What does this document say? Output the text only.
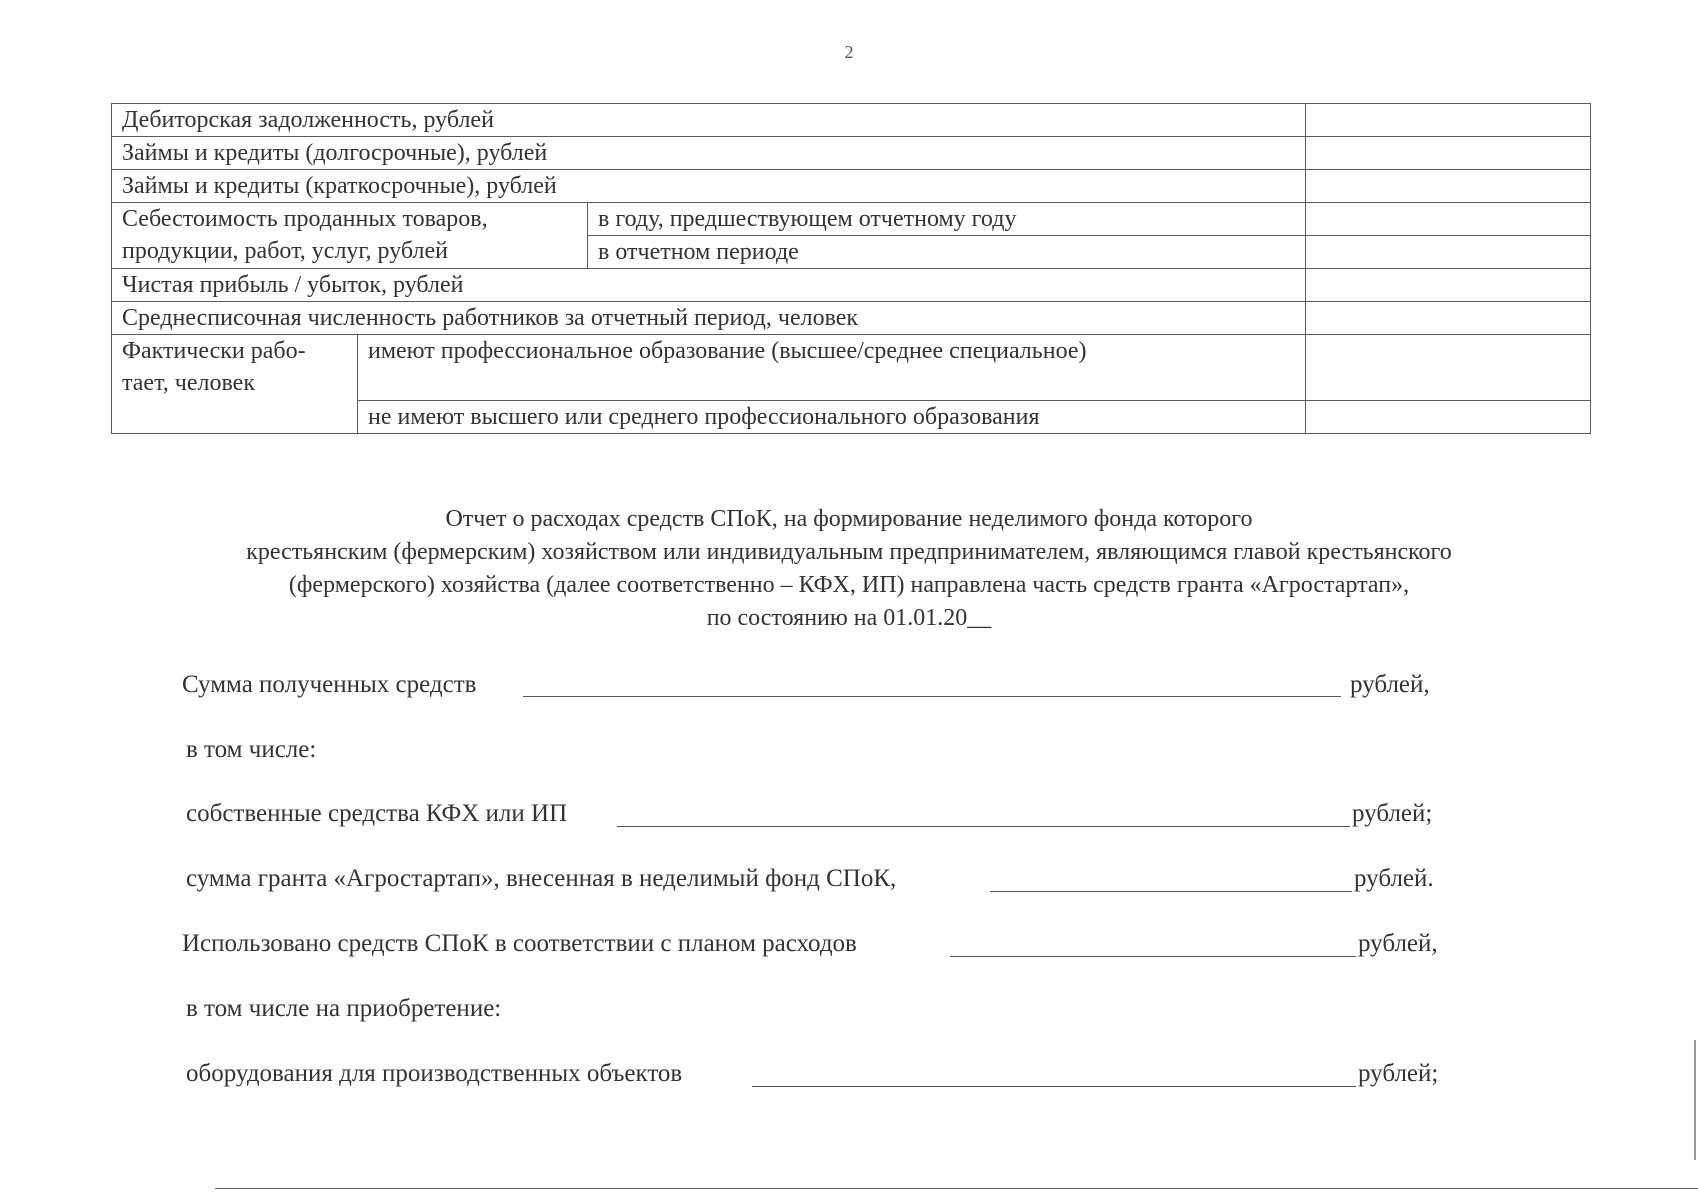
2
Дебиторская задолженность, рублей			
Займы и кредиты (долгосрочные), рублей			
Займы и кредиты (краткосрочные), рублей			
Себестоимость проданных товаров, продукции, работ, услуг, рублей		в году, предшествующем отчетному году	
		в отчетном периоде	
Чистая прибыль / убыток, рублей			
Среднесписочная численность работников за отчетный период, человек			
Фактически рабо-тает, человек	имеют профессиональное образование (высшее/среднее специальное)		
	не имеют высшего или среднего профессионального образования		
Отчет о расходах средств СПоК, на формирование неделимого фонда которого
крестьянским (фермерским) хозяйством или индивидуальным предпринимателем, являющимся главой крестьянского
(фермерского) хозяйства (далее соответственно – КФХ, ИП) направлена часть средств гранта «Агростартап»,
по состоянию на 01.01.20__
Сумма полученных средств	рублей,
в том числе:
собственные средства КФХ или ИП	рублей;
сумма гранта «Агростартап», внесенная в неделимый фонд СПоК,	рублей.
Использовано средств СПоК в соответствии с планом расходов	рублей,
в том числе на приобретение:
оборудования для производственных объектов	рублей;
